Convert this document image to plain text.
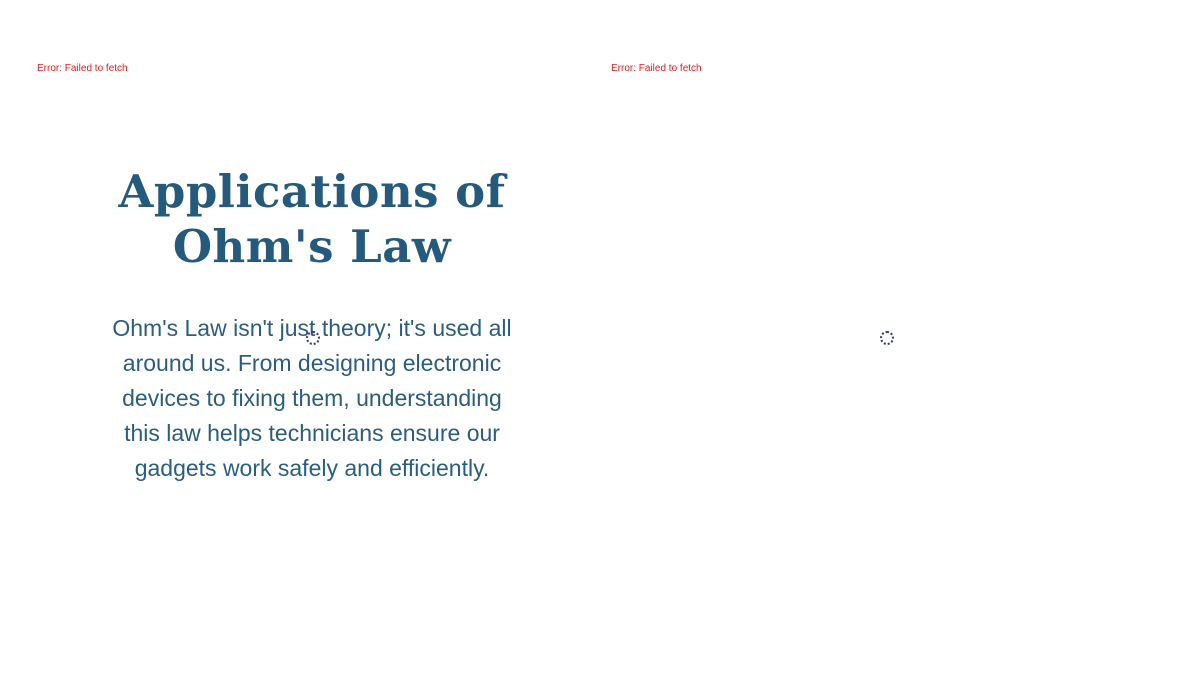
Error: Failed to fetch
Applications of Ohm's Law

Ohm's Law isn't just theory; it's used all around us. From designing electronic devices to fixing them, understanding this law helps technicians ensure our gadgets work safely and efficiently.

Error: Failed to fetch
